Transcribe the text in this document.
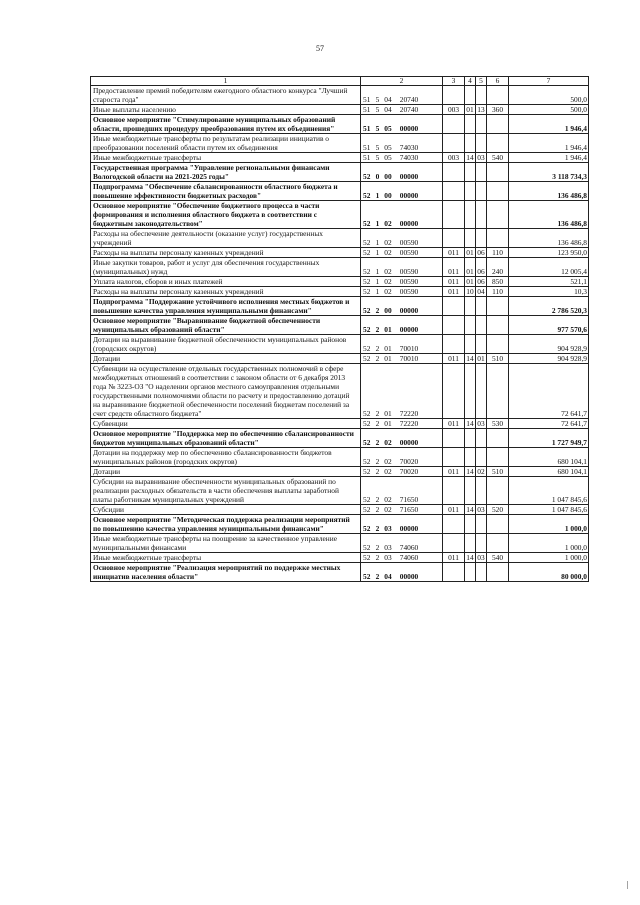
57
1	2	3	4	5	6	7
Предоставление премий победителям ежегодного областного конкурса "Лучший староста года"	51 5 04 20740					500,0
Иные выплаты населению	51 5 04 20740	003	01	13	360	500,0
Основное мероприятие "Стимулирование муниципальных образований области, прошедших процедуру преобразования путем их объединения"	51 5 05 00000					1 946,4
Иные межбюджетные трансферты по результатам реализации инициатив о преобразовании поселений области путем их объединения	51 5 05 74030					1 946,4
Иные межбюджетные трансферты	51 5 05 74030	003	14	03	540	1 946,4
Государственная программа "Управление региональными финансами Вологодской области на 2021-2025 годы"	52 0 00 00000					3 118 734,3
Подпрограмма "Обеспечение сбалансированности областного бюджета и повышение эффективности бюджетных расходов"	52 1 00 00000					136 486,8
Основное мероприятие "Обеспечение бюджетного процесса в части формирования и исполнения областного бюджета в соответствии с бюджетным законодательством"	52 1 02 00000					136 486,8
Расходы на обеспечение деятельности (оказание услуг) государственных учреждений	52 1 02 00590					136 486,8
Расходы на выплаты персоналу казенных учреждений	52 1 02 00590	011	01	06	110	123 950,0
Иные закупки товаров, работ и услуг для обеспечения государственных (муниципальных) нужд	52 1 02 00590	011	01	06	240	12 005,4
Уплата налогов, сборов и иных платежей	52 1 02 00590	011	01	06	850	521,1
Расходы на выплаты персоналу казенных учреждений	52 1 02 00590	011	10	04	110	10,3
Подпрограмма "Поддержание устойчивого исполнения местных бюджетов и повышение качества управления муниципальными финансами"	52 2 00 00000					2 786 520,3
Основное мероприятие "Выравнивание бюджетной обеспеченности муниципальных образований области"	52 2 01 00000					977 570,6
Дотации на выравнивание бюджетной обеспеченности муниципальных районов (городских округов)	52 2 01 70010					904 928,9
Дотации	52 2 01 70010	011	14	01	510	904 928,9
Субвенции на осуществление отдельных государственных полномочий в сфере межбюджетных отношений в соответствии с законом области от 6 декабря 2013 года № 3223-ОЗ "О наделении органов местного самоуправления отдельными государственными полномочиями области по расчету и предоставлению дотаций на выравнивание бюджетной обеспеченности поселений бюджетам поселений за счет средств областного бюджета"	52 2 01 72220					72 641,7
Субвенции	52 2 01 72220	011	14	03	530	72 641,7
Основное мероприятие "Поддержка мер по обеспечению сбалансированности бюджетов муниципальных образований области"	52 2 02 00000					1 727 949,7
Дотации на поддержку мер по обеспечению сбалансированности бюджетов муниципальных районов (городских округов)	52 2 02 70020					680 104,1
Дотации	52 2 02 70020	011	14	02	510	680 104,1
Субсидии на выравнивание обеспеченности муниципальных образований по реализации расходных обязательств в части обеспечения выплаты заработной платы работникам муниципальных учреждений	52 2 02 71650					1 047 845,6
Субсидии	52 2 02 71650	011	14	03	520	1 047 845,6
Основное мероприятие "Методическая поддержка реализации мероприятий по повышению качества управления муниципальными финансами"	52 2 03 00000					1 000,0
Иные межбюджетные трансферты на поощрение за качественное управление муниципальными финансами	52 2 03 74060					1 000,0
Иные межбюджетные трансферты	52 2 03 74060	011	14	03	540	1 000,0
Основное мероприятие "Реализация мероприятий по поддержке местных инициатив населения области"	52 2 04 00000					80 000,0
|
